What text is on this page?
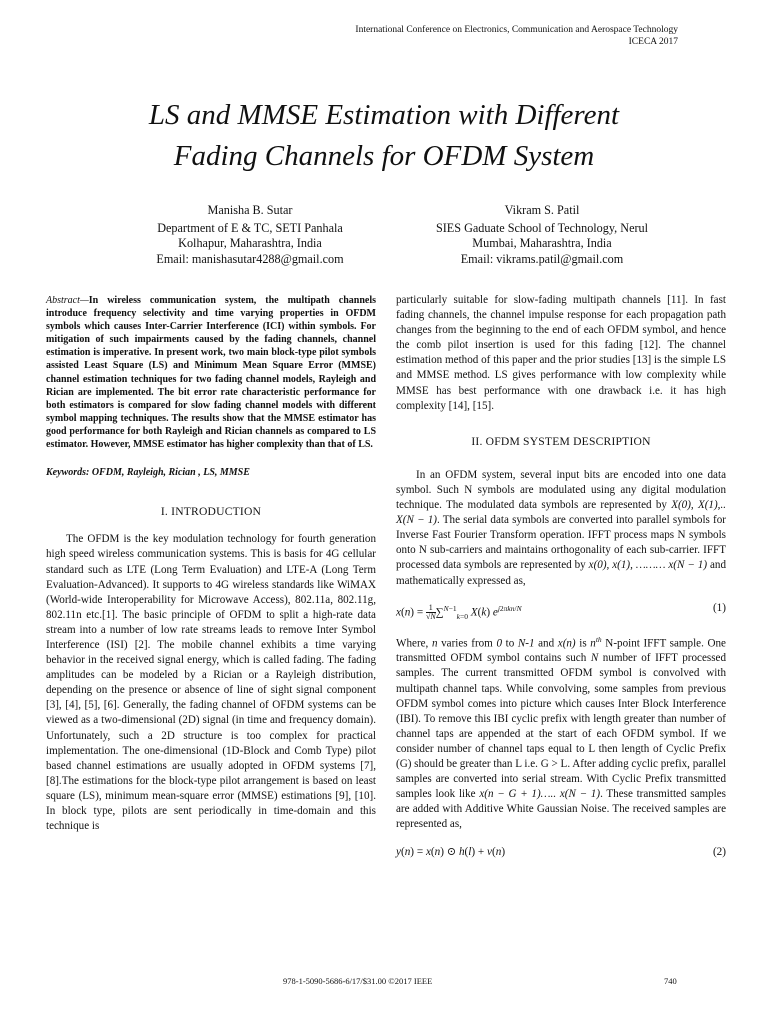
International Conference on Electronics, Communication and Aerospace Technology
ICECA 2017
LS and MMSE Estimation with Different
Fading Channels for OFDM System
Manisha B. Sutar
Department of E & TC, SETI Panhala
Kolhapur, Maharashtra, India
Email: manishasutar4288@gmail.com
Vikram S. Patil
SIES Gaduate School of Technology, Nerul
Mumbai, Maharashtra, India
Email: vikrams.patil@gmail.com

Abstract—In wireless communication system, the multipath channels introduce frequency selectivity and time varying properties in OFDM symbols which causes Inter-Carrier Interference (ICI) within symbols. For mitigation of such impairments caused by the fading channels, channel estimation is imperative. In present work, two main block-type pilot symbols assisted Least Square (LS) and Minimum Mean Square Error (MMSE) channel estimation techniques for two fading channel models, Rayleigh and Rician are implemented. The bit error rate characteristic performance for both estimators is compared for slow fading channel models with different symbol mapping techniques. The results show that the MMSE estimator has good performance for both Rayleigh and Rician channels as compared to LS estimator. However, MMSE estimator has higher complexity than that of LS.

Keywords: OFDM, Rayleigh, Rician , LS, MMSE
I. INTRODUCTION

The OFDM is the key modulation technology for fourth generation high speed wireless communication systems. This is basis for 4G cellular standard such as LTE (Long Term Evaluation) and LTE-A (Long Term Evaluation-Advanced). It supports to 4G wireless standards like WiMAX (World-wide Interoperability for Microwave Access), 802.11a, 802.11g, 802.11n etc.[1]. The basic principle of OFDM to split a high-rate data stream into a number of low rate streams leads to remove Inter Symbol Interference (ISI) [2]. The mobile channel exhibits a time varying behavior in the received signal energy, which is called fading. The fading amplitudes can be modeled by a Rician or a Rayleigh distribution, depending on the presence or absence of line of sight signal component [3], [4], [5], [6]. Generally, the fading channel of OFDM systems can be viewed as a two-dimensional (2D) signal (in time and frequency domain). Unfortunately, such a 2D structure is too complex for practical implementation. The one-dimensional (1D-Block and Comb Type) pilot based channel estimations are usually adopted in OFDM systems [7], [8].The estimations for the block-type pilot arrangement is based on least square (LS), minimum mean-square error (MMSE) estimations [9], [10]. In block type, pilots are sent periodically in time-domain and this technique is

particularly suitable for slow-fading multipath channels [11]. In fast fading channels, the channel impulse response for each propagation path changes from the beginning to the end of each OFDM symbol, and hence the comb pilot insertion is used for this fading [12]. The channel estimation method of this paper and the prior studies [13] is the simple LS and MMSE method. LS gives performance with low complexity while MMSE has best performance with one drawback i.e. it has high complexity [14], [15].

II. OFDM SYSTEM DESCRIPTION

In an OFDM system, several input bits are encoded into one data symbol. Such N symbols are modulated using any digital modulation technique. The modulated data symbols are represented by X(0), X(1),.. X(N − 1). The serial data symbols are converted into parallel symbols for Inverse Fast Fourier Transform operation. IFFT process maps N symbols onto N sub-carriers and maintains orthogonality of each sub-carrier. IFFT processed data symbols are represented by x(0), x(1), ……… x(N − 1) and mathematically expressed as,

$x(n) = \frac{1}{√N} \sum^{N-1}_{k=0}$ X(k) $e^{j2\pi kn/N}$	(1)

Where, n varies from 0 to N-1 and x(n) is $n^{th}$ N-point IFFT sample. One transmitted OFDM symbol contains such N number of IFFT processed samples. The current transmitted OFDM symbol is convolved with multipath channel taps. While convolving, some samples from previous OFDM symbol comes into picture which causes Inter Block Interference (IBI). To remove this IBI cyclic prefix with length greater than number of channel taps are appended at the start of each OFDM symbol. If we consider number of channel taps equal to L then length of Cyclic Prefix (G) should be greater than L i.e. G > L. After adding cyclic prefix, parallel samples are converted into serial stream. With Cyclic Prefix transmitted samples look like x(n − G + 1)….. x(N − 1). These transmitted samples are added with Additive White Gaussian Noise. The received samples are represented as,

y(n) = x(n) ⊙ h(l) + v(n)	(2)
978-1-5090-5686-6/17/$31.00 ©2017 IEEE	740
